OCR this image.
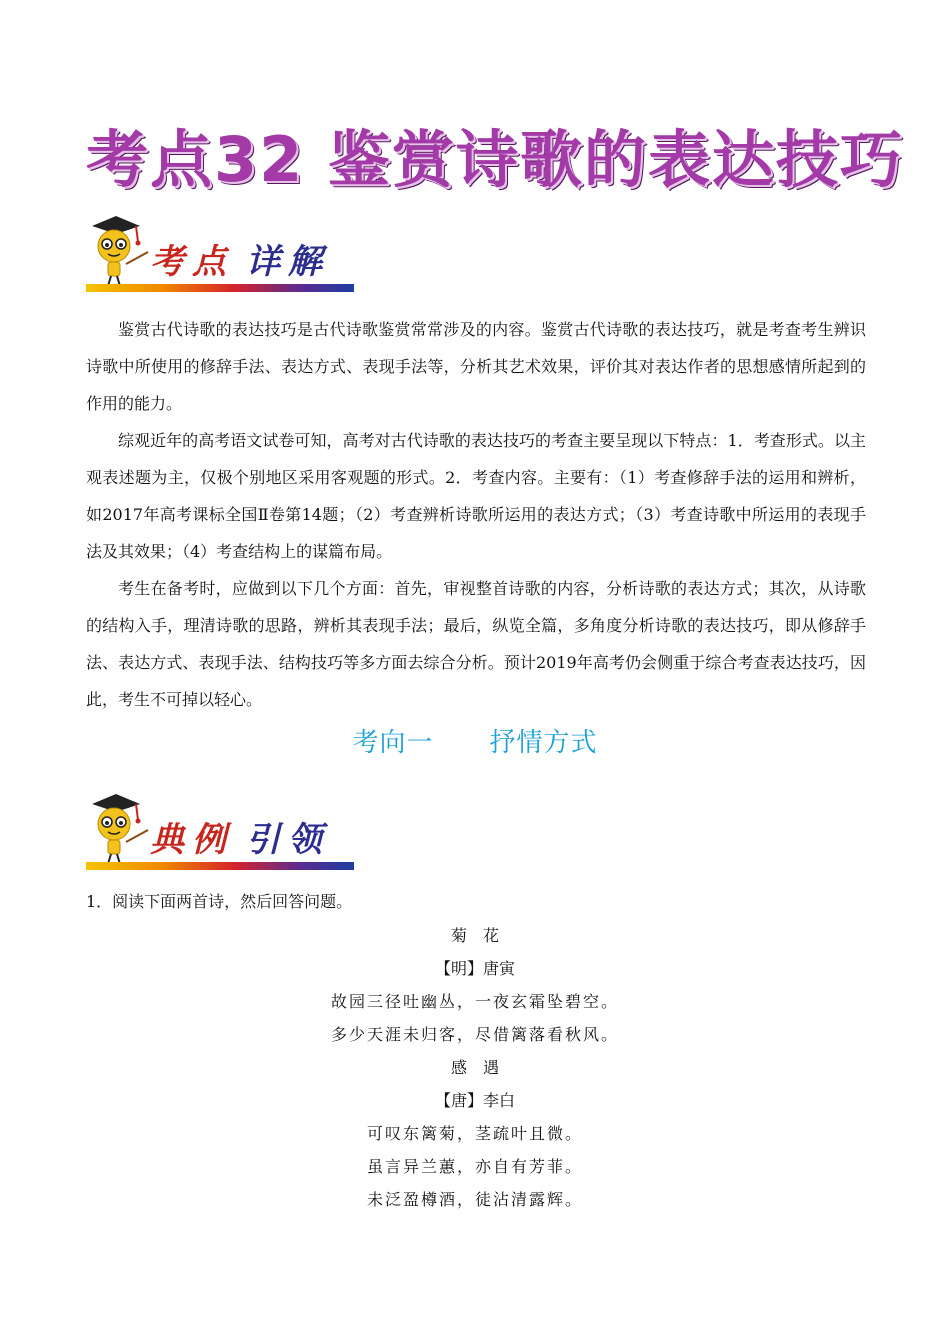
考点32 鉴赏诗歌的表达技巧
考点 详解

鉴赏古代诗歌的表达技巧是古代诗歌鉴赏常常涉及的内容。鉴赏古代诗歌的表达技巧，就是考查考生辨识诗歌中所使用的修辞手法、表达方式、表现手法等，分析其艺术效果，评价其对表达作者的思想感情所起到的作用的能力。

综观近年的高考语文试卷可知，高考对古代诗歌的表达技巧的考查主要呈现以下特点：1．考查形式。以主观表述题为主，仅极个别地区采用客观题的形式。2．考查内容。主要有：（1）考查修辞手法的运用和辨析，如2017年高考课标全国Ⅱ卷第14题；（2）考查辨析诗歌所运用的表达方式；（3）考查诗歌中所运用的表现手法及其效果；（4）考查结构上的谋篇布局。

考生在备考时，应做到以下几个方面：首先，审视整首诗歌的内容，分析诗歌的表达方式；其次，从诗歌的结构入手，理清诗歌的思路，辨析其表现手法；最后，纵览全篇，多角度分析诗歌的表达技巧，即从修辞手法、表达方式、表现手法、结构技巧等多方面去综合分析。预计2019年高考仍会侧重于综合考查表达技巧，因此，考生不可掉以轻心。

考向一 抒情方式
典例 引领
1．阅读下面两首诗，然后回答问题。
菊　花
【明】唐寅
故园三径吐幽丛，一夜玄霜坠碧空。
多少天涯未归客，尽借篱落看秋风。
感　遇
【唐】李白
可叹东篱菊，茎疏叶且微。
虽言异兰蕙，亦自有芳菲。
未泛盈樽酒，徒沾清露辉。
